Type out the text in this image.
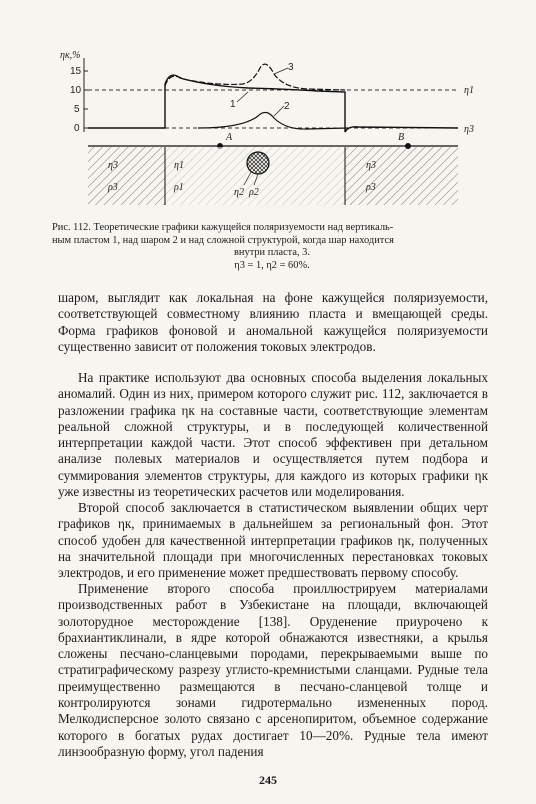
ηк,%
15
10
5
0
1	2
3
η1
η3
A	B
η3
ρ3
η1
ρ1	η2 ρ2
η3
ρ3
Рис. 112. Теоретические графики кажущейся поляризуемости над вертикаль-
ным пластом 1, над шаром 2 и над сложной структурой, когда шар находится
внутри пласта, 3.
η3 = 1, η2 = 60%.

шаром, выглядит как локальная на фоне кажущейся поляризуемости, соответствующей совместному влиянию пласта и вмещающей среды. Форма графиков фоновой и аномальной кажущейся поляризуемости существенно зависит от положения токовых электродов.

На практике используют два основных способа выделения локальных аномалий. Один из них, примером которого служит рис. 112, заключается в разложении графика ηк на составные части, соответствующие элементам реальной сложной структуры, и в последующей количественной интерпретации каждой части. Этот способ эффективен при детальном анализе полевых материалов и осуществляется путем подбора и суммирования элементов структуры, для каждого из которых графики ηк уже известны из теоретических расчетов или моделирования.

Второй способ заключается в статистическом выявлении общих черт графиков ηк, принимаемых в дальнейшем за региональный фон. Этот способ удобен для качественной интерпретации графиков ηк, полученных на значительной площади при многочисленных перестановках токовых электродов, и его применение может предшествовать первому способу.

Применение второго способа проиллюстрируем материалами производственных работ в Узбекистане на площади, включающей золоторудное месторождение [138]. Оруденение приурочено к брахиантиклинали, в ядре которой обнажаются известняки, а крылья сложены песчано-сланцевыми породами, перекрываемыми выше по стратиграфическому разрезу углисто-кремнистыми сланцами. Рудные тела преимущественно размещаются в песчано-сланцевой толще и контролируются зонами гидротермально измененных пород. Мелкодисперсное золото связано с арсенопиритом, объемное содержание которого в богатых рудах достигает 10—20%. Рудные тела имеют линзообразную форму, угол падения

245
